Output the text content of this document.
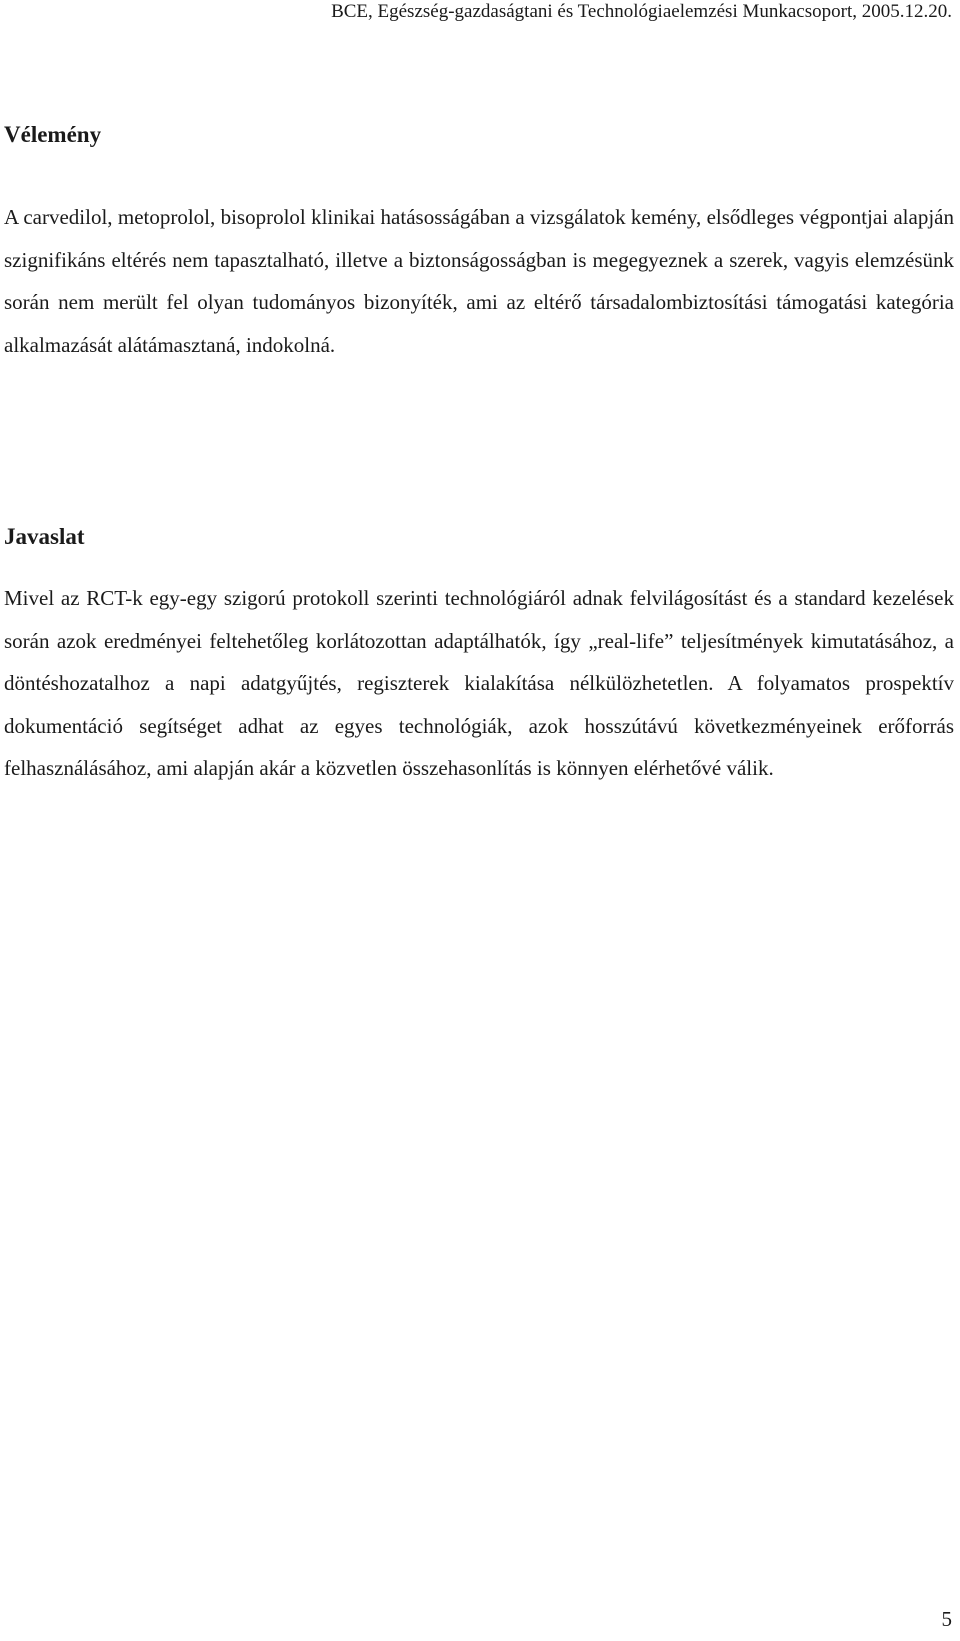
BCE, Egészség-gazdaságtani és Technológiaelemzési Munkacsoport, 2005.12.20.
Vélemény

A carvedilol, metoprolol, bisoprolol klinikai hatásosságában a vizsgálatok kemény, elsődleges végpontjai alapján szignifikáns eltérés nem tapasztalható, illetve a biztonságosságban is megegyeznek a szerek, vagyis elemzésünk során nem merült fel olyan tudományos bizonyíték, ami az eltérő társadalombiztosítási támogatási kategória alkalmazását alátámasztaná, indokolná.

Javaslat

Mivel az RCT-k egy-egy szigorú protokoll szerinti technológiáról adnak felvilágosítást és a standard kezelések során azok eredményei feltehetőleg korlátozottan adaptálhatók, így „real-life” teljesítmények kimutatásához, a döntéshozatalhoz a napi adatgyűjtés, regiszterek kialakítása nélkülözhetetlen. A folyamatos prospektív dokumentáció segítséget adhat az egyes technológiák, azok hosszútávú következményeinek erőforrás felhasználásához, ami alapján akár a közvetlen összehasonlítás is könnyen elérhetővé válik.

5
